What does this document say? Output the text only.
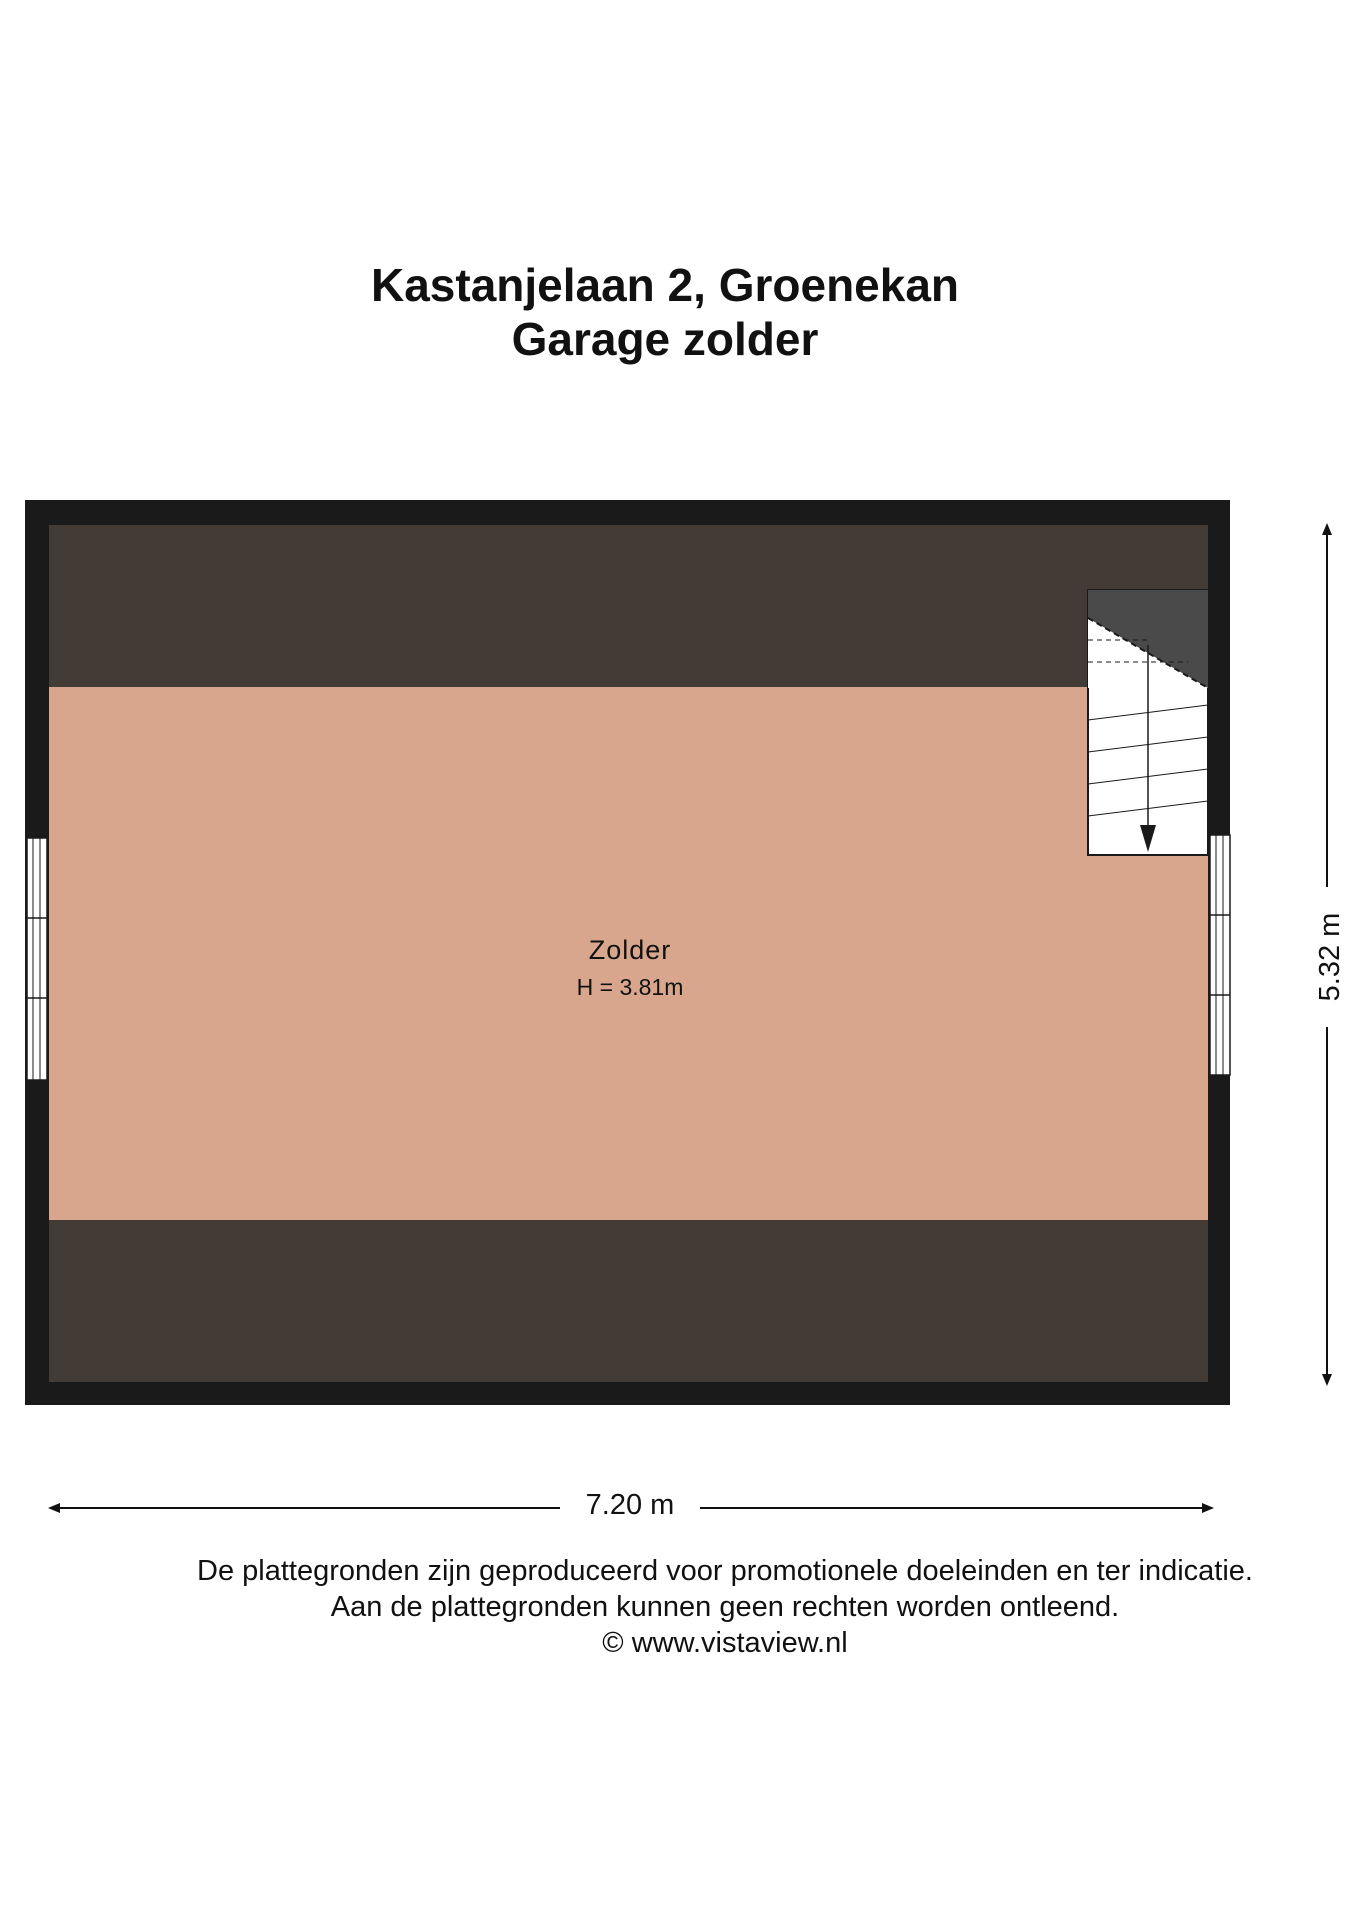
Kastanjelaan 2, Groenekan
Garage zolder
Zolder
H = 3.81m
7.20 m
5.32 m
De plattegronden zijn geproduceerd voor promotionele doeleinden en ter indicatie.
Aan de plattegronden kunnen geen rechten worden ontleend.
© www.vistaview.nl
